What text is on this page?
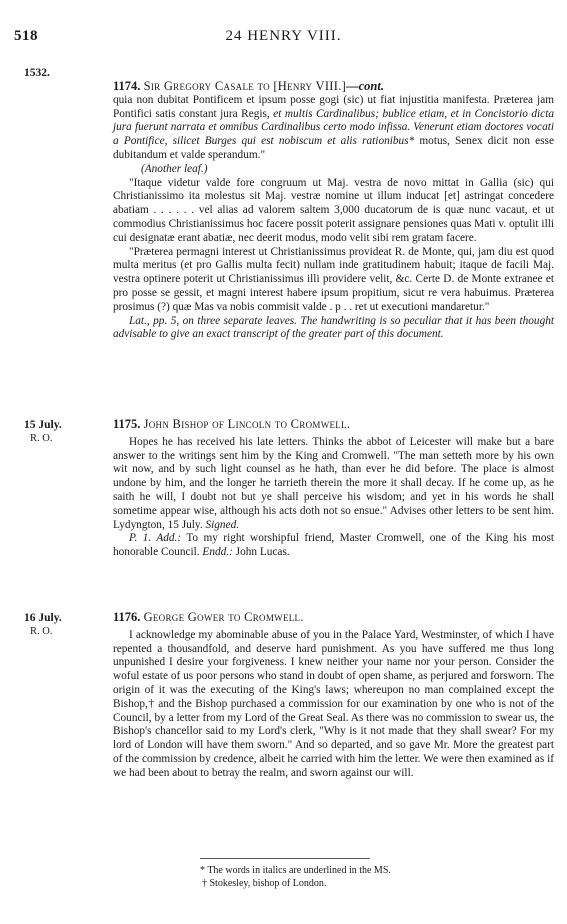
518	24 HENRY VIII.
1532.

1174. Sir Gregory Casale to [Henry VIII.]—cont.

quia non dubitat Pontificem et ipsum posse gogi (sic) ut fiat injustitia manifesta. Præterea jam Pontifici satis constant jura Regis, et multis Cardinalibus; bublice etiam, et in Concistorio dicta jura fuerunt narrata et omnibus Cardinalibus certo modo infissa. Venerunt etiam doctores vocati a Pontifice, silicet Burges qui est nobiscum et alis rationibus* motus, Senex dicit non esse dubitandum et valde sperandum."

(Another leaf.)

"Itaque videtur valde fore congruum ut Maj. vestra de novo mittat in Gallia (sic) qui Christianissimo ita molestus sit Maj. vestræ nomine ut illum inducat [et] astringat concedere abatiam . . . . . . vel alias ad valorem saltem 3,000 ducatorum de is quæ nunc vacaut, et ut commodius Christianissimus hoc facere possit poterit assignare pensiones quas Mati v. optulit illi cui designatæ erant abatiæ, nec deerit modus, modo velit sibi rem gratam facere.

"Præterea permagni interest ut Christianissimus provideat R. de Monte, qui, jam diu est quod multa meritus (et pro Gallis multa fecit) nullam inde gratitudinem habuit; itaque de facili Maj. vestra optinere poterit ut Christianissimus illi providere velit, &c. Certe D. de Monte extranee et pro posse se gessit, et magni interest habere ipsum propitium, sicut re vera habuimus. Præterea prosimus (?) quæ Mas va nobis commisit valde . p . . ret ut executioni mandaretur."

Lat., pp. 5, on three separate leaves. The handwriting is so peculiar that it has been thought advisable to give an exact transcript of the greater part of this document.

15 July.
R. O.

1175. John Bishop of Lincoln to Cromwell.

Hopes he has received his late letters. Thinks the abbot of Leicester will make but a bare answer to the writings sent him by the King and Cromwell. "The man setteth more by his own wit now, and by such light counsel as he hath, than ever he did before. The place is almost undone by him, and the longer he tarrieth therein the more it shall decay. If he come up, as he saith he will, I doubt not but ye shall perceive his wisdom; and yet in his words he shall sometime appear wise, although his acts doth not so ensue." Advises other letters to be sent him. Lydyngton, 15 July. Signed.

P. 1. Add.: To my right worshipful friend, Master Cromwell, one of the King his most honorable Council. Endd.: John Lucas.

16 July.
R. O.

1176. George Gower to Cromwell.

I acknowledge my abominable abuse of you in the Palace Yard, Westminster, of which I have repented a thousandfold, and deserve hard punishment. As you have suffered me thus long unpunished I desire your forgiveness. I knew neither your name nor your person. Consider the woful estate of us poor persons who stand in doubt of open shame, as perjured and forsworn. The origin of it was the executing of the King's laws; whereupon no man complained except the Bishop,† and the Bishop purchased a commission for our examination by one who is not of the Council, by a letter from my Lord of the Great Seal. As there was no commission to swear us, the Bishop's chancellor said to my Lord's clerk, "Why is it not made that they shall swear? For my lord of London will have them sworn." And so departed, and so gave Mr. More the greatest part of the commission by credence, albeit he carried with him the letter. We were then examined as if we had been about to betray the realm, and sworn against our will.

* The words in italics are underlined in the MS.

† Stokesley, bishop of London.
